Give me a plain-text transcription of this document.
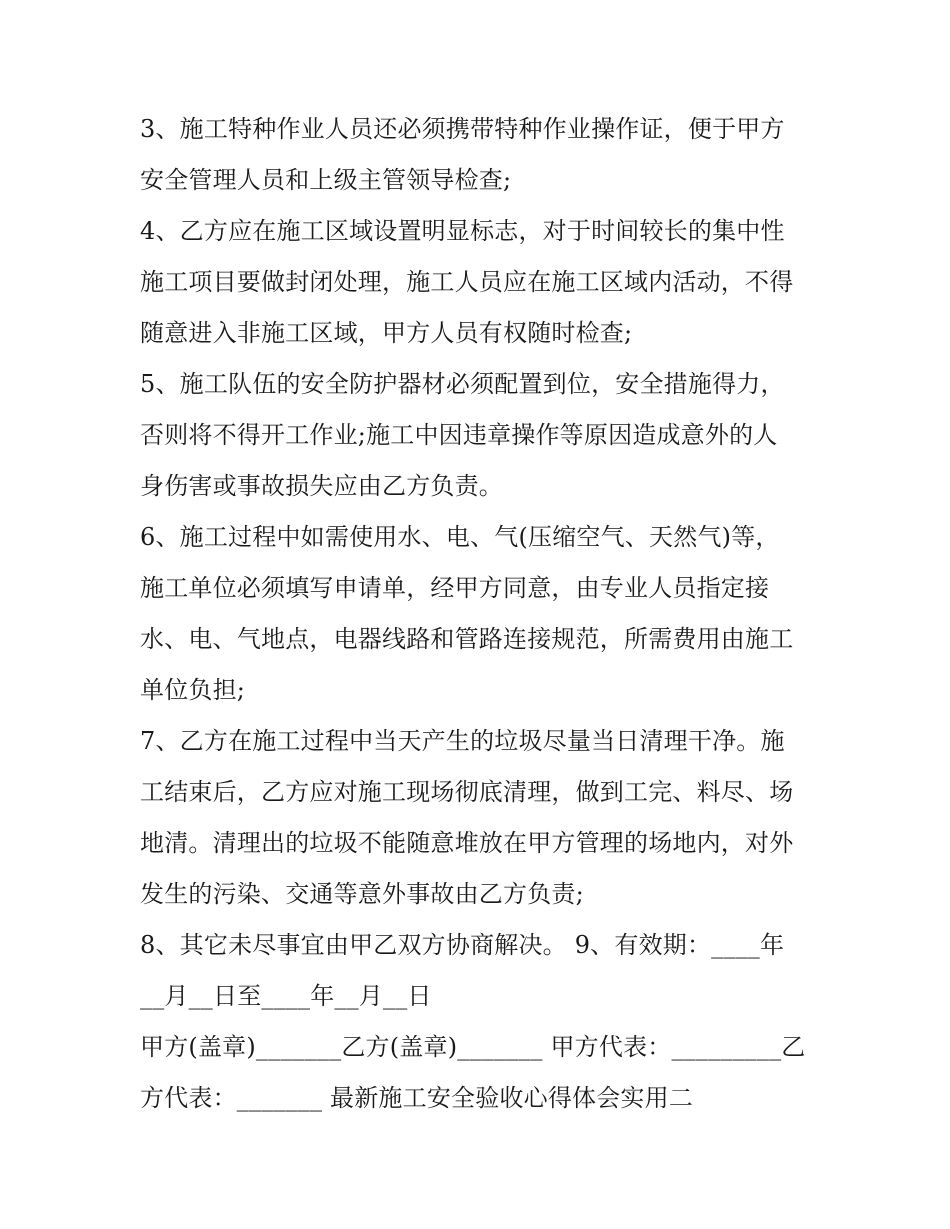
3、施工特种作业人员还必须携带特种作业操作证，便于甲方
安全管理人员和上级主管领导检查;
4、乙方应在施工区域设置明显标志，对于时间较长的集中性
施工项目要做封闭处理，施工人员应在施工区域内活动，不得
随意进入非施工区域，甲方人员有权随时检查;
5、施工队伍的安全防护器材必须配置到位，安全措施得力，
否则将不得开工作业;施工中因违章操作等原因造成意外的人
身伤害或事故损失应由乙方负责。
6、施工过程中如需使用水、电、气(压缩空气、天然气)等，
施工单位必须填写申请单，经甲方同意，由专业人员指定接
水、电、气地点，电器线路和管路连接规范，所需费用由施工
单位负担;
7、乙方在施工过程中当天产生的垃圾尽量当日清理干净。施
工结束后，乙方应对施工现场彻底清理，做到工完、料尽、场
地清。清理出的垃圾不能随意堆放在甲方管理的场地内，对外
发生的污染、交通等意外事故由乙方负责;
8、其它未尽事宜由甲乙双方协商解决。 9、有效期：____年
__月__日至____年__月__日
甲方(盖章)_______乙方(盖章)_______ 甲方代表：_________乙
方代表：_______ 最新施工安全验收心得体会实用二
